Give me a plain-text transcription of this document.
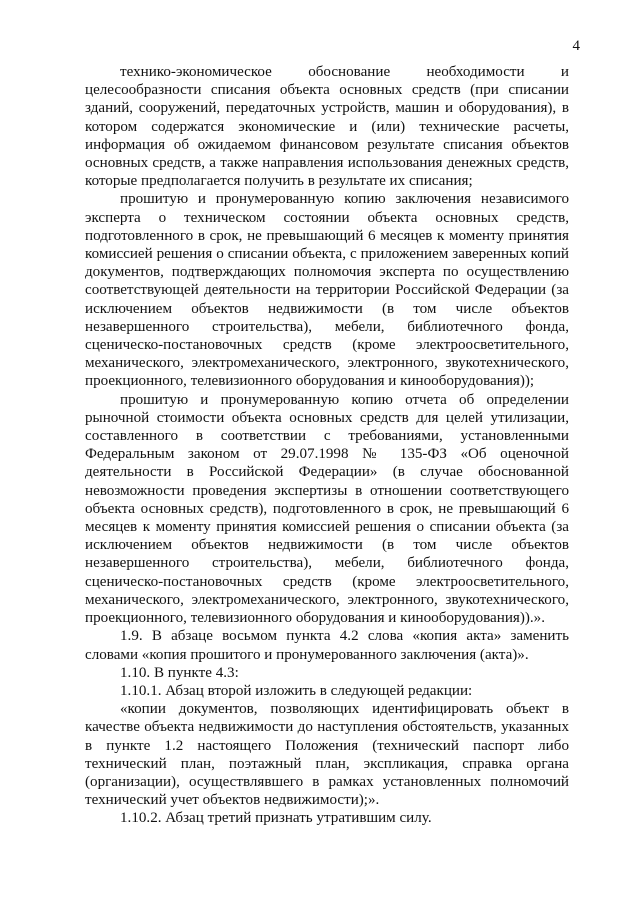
4

технико-экономическое обоснование необходимости и целесообразности списания объекта основных средств (при списании зданий, сооружений, передаточных устройств, машин и оборудования), в котором содержатся экономические и (или) технические расчеты, информация об ожидаемом финансовом результате списания объектов основных средств, а также направления использования денежных средств, которые предполагается получить в результате их списания;

прошитую и пронумерованную копию заключения независимого эксперта о техническом состоянии объекта основных средств, подготовленного в срок, не превышающий 6 месяцев к моменту принятия комиссией решения о списании объекта, с приложением заверенных копий документов, подтверждающих полномочия эксперта по осуществлению соответствующей деятельности на территории Российской Федерации (за исключением объектов недвижимости (в том числе объектов незавершенного строительства), мебели, библиотечного фонда, сценическо-постановочных средств (кроме электроосветительного, механического, электромеханического, электронного, звукотехнического, проекционного, телевизионного оборудования и кинооборудования));

прошитую и пронумерованную копию отчета об определении рыночной стоимости объекта основных средств для целей утилизации, составленного в соответствии с требованиями, установленными Федеральным законом от 29.07.1998 № 135-ФЗ «Об оценочной деятельности в Российской Федерации» (в случае обоснованной невозможности проведения экспертизы в отношении соответствующего объекта основных средств), подготовленного в срок, не превышающий 6 месяцев к моменту принятия комиссией решения о списании объекта (за исключением объектов недвижимости (в том числе объектов незавершенного строительства), мебели, библиотечного фонда, сценическо-постановочных средств (кроме электроосветительного, механического, электромеханического, электронного, звукотехнического, проекционного, телевизионного оборудования и кинооборудования)).».

1.9. В абзаце восьмом пункта 4.2 слова «копия акта» заменить словами «копия прошитого и пронумерованного заключения (акта)».

1.10. В пункте 4.3:

1.10.1. Абзац второй изложить в следующей редакции:

«копии документов, позволяющих идентифицировать объект в качестве объекта недвижимости до наступления обстоятельств, указанных в пункте 1.2 настоящего Положения (технический паспорт либо технический план, поэтажный план, экспликация, справка органа (организации), осуществлявшего в рамках установленных полномочий технический учет объектов недвижимости);».

1.10.2. Абзац третий признать утратившим силу.
